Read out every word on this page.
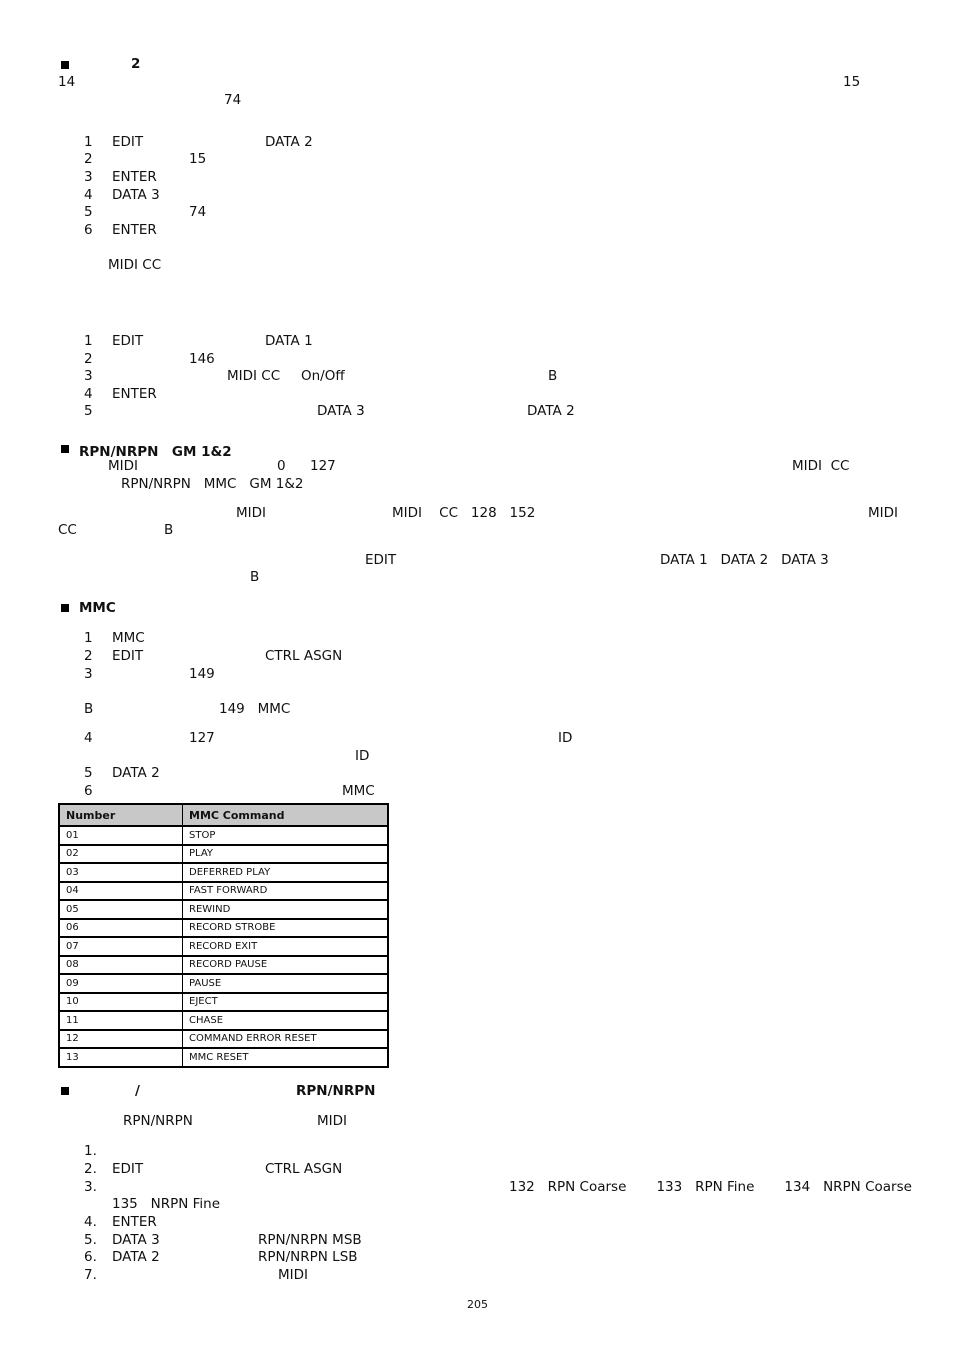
2
14	15
74
1 EDIT	DATA 2
2	15
3 ENTER
4 DATA 3
5	74
6 ENTER
MIDI CC
1 EDIT	DATA 1
2	146
3	MIDI CC On/Off	B
4 ENTER
5	DATA 3	DATA 2
RPN/NRPN　GM 1&2
MIDI	0 127	MIDI  CC
RPN/NRPN   MMC   GM 1&2
MIDI	MIDI    CC   128   152	MIDI
CC	B
EDIT	DATA 1   DATA 2   DATA 3
B
MMC
1 MMC
2 EDIT	CTRL ASGN
3	149
B	149   MMC
4	127	ID
ID
5 DATA 2
6	MMC
Number	MMC Command
01	STOP
02	PLAY
03	DEFERRED PLAY
04	FAST FORWARD
05	REWIND
06	RECORD STROBE
07	RECORD EXIT
08	RECORD PAUSE
09	PAUSE
10	EJECT
11	CHASE
12	COMMAND ERROR RESET
13	MMC RESET
/	RPN/NRPN
RPN/NRPN	MIDI
1.
2. EDIT	CTRL ASGN
3.	132   RPN Coarse       133   RPN Fine       134   NRPN Coarse
135   NRPN Fine
4. ENTER
5. DATA 3	RPN/NRPN MSB
6. DATA 2	RPN/NRPN LSB
7.	MIDI
205
